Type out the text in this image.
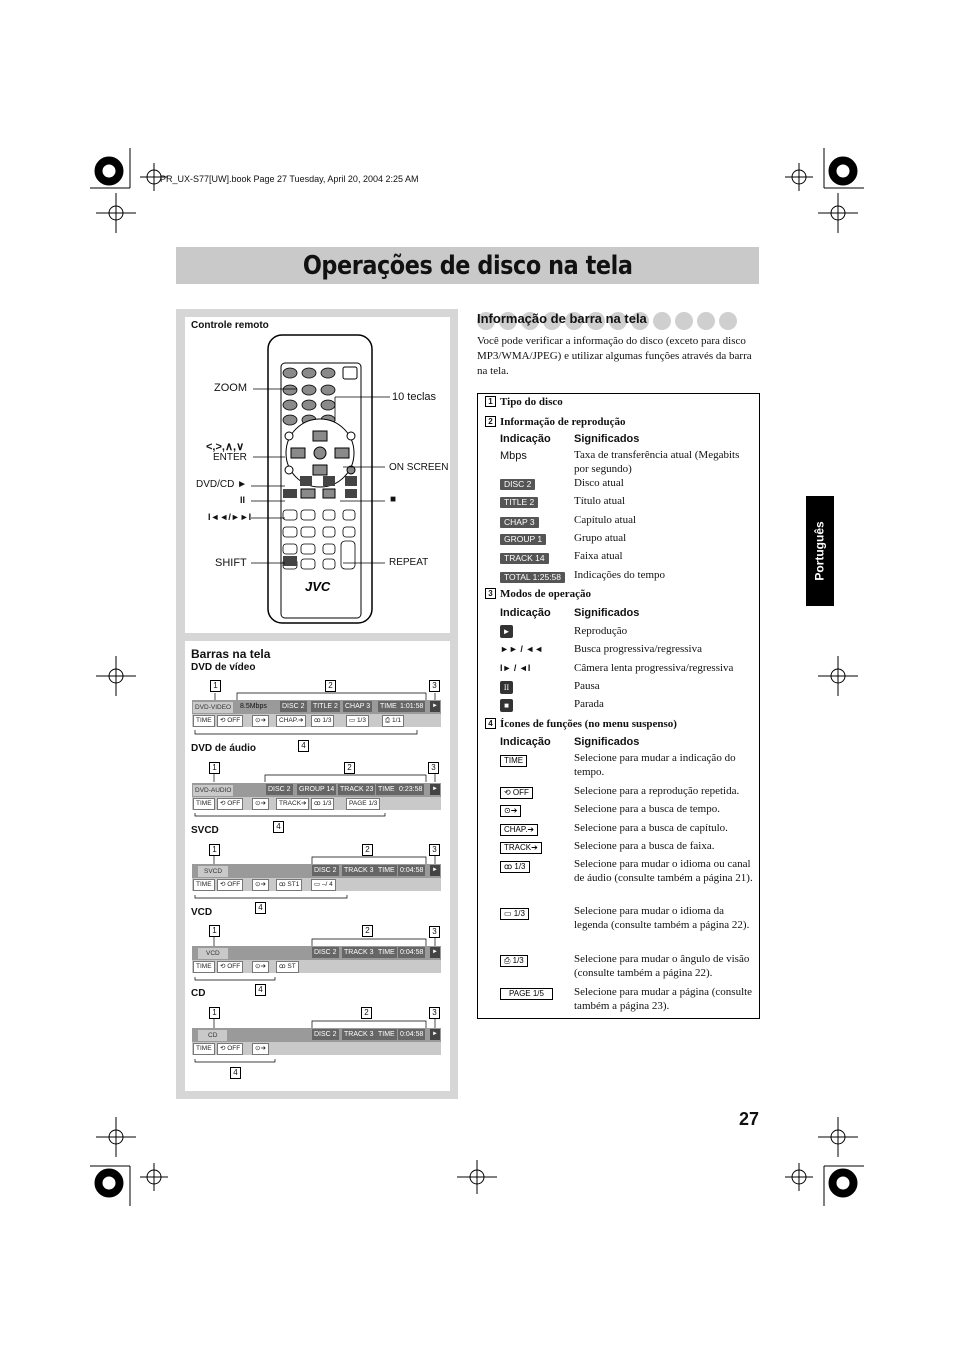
PR_UX-S77[UW].book Page 27 Tuesday, April 20, 2004 2:25 AM
Operações de disco na tela
Português
Controle remoto
JVC
ZOOM
10 teclas
<,>,∧,∨
ENTER
ON SCREEN
DVD/CD ►
II	■
I◄◄/►►I
SHIFT	REPEAT
Barras na tela
DVD de vídeo
1	2	3
DVD-VIDEO 8.5Mbps DISC 2 TITLE 2 CHAP 3 TIME 1:01:58	►
TIME	⟲ OFF	⊙➔	CHAP.➔	ꝏ 1/3	▭ 1/3	⎙ 1/1
4
DVD de áudio
1	2	3
DVD-AUDIO	DISC 2 GROUP 14 TRACK 23 TIME 0:23:58	►
TIME	⟲ OFF	⊙➔	TRACK➔	ꝏ 1/3	PAGE 1/3
4
SVCD
1	2	3
SVCD	DISC 2 TRACK 3 TIME 0:04:58	►
TIME	⟲ OFF	⊙➔	ꝏ ST1	▭ –/ 4
4
VCD
1	2	3
VCD	DISC 2 TRACK 3 TIME 0:04:58	►
TIME	⟲ OFF	⊙➔	ꝏ ST
4
CD
1	2	3
CD	DISC 2 TRACK 3 TIME 0:04:58	►
TIME	⟲ OFF	⊙➔
4
Informação de barra na tela
Você pode verificar a informação do disco (exceto para disco MP3/WMA/JPEG) e utilizar algumas funções através da barra na tela.
1 Tipo do disco
2 Informação de reprodução
Indicação Significados
Mbps	Taxa de transferência atual (Megabits por segundo)
DISC 2	Disco atual
TITLE 2	Título atual
CHAP 3	Capítulo atual
GROUP 1	Grupo atual
TRACK 14	Faixa atual
TOTAL 1:25:58	Indicações do tempo
3 Modos de operação
Indicação Significados
►	Reprodução
►► / ◄◄	Busca progressiva/regressiva
I► / ◄I	Câmera lenta progressiva/regressiva
II	Pausa
■	Parada
4 Ícones de funções (no menu suspenso)
Indicação Significados
TIME	Selecione para mudar a indicação do tempo.
⟲ OFF	Selecione para a reprodução repetida.
⊙➔	Selecione para a busca de tempo.
CHAP.➔	Selecione para a busca de capítulo.
TRACK➔	Selecione para a busca de faixa.
ꝏ 1/3	Selecione para mudar o idioma ou canal de áudio (consulte também a página 21).
▭ 1/3	Selecione para mudar o idioma da legenda (consulte também a página 22).
⎙ 1/3	Selecione para mudar o ângulo de visão (consulte também a página 22).
PAGE 1/5	Selecione para mudar a página (consulte também a página 23).
27
